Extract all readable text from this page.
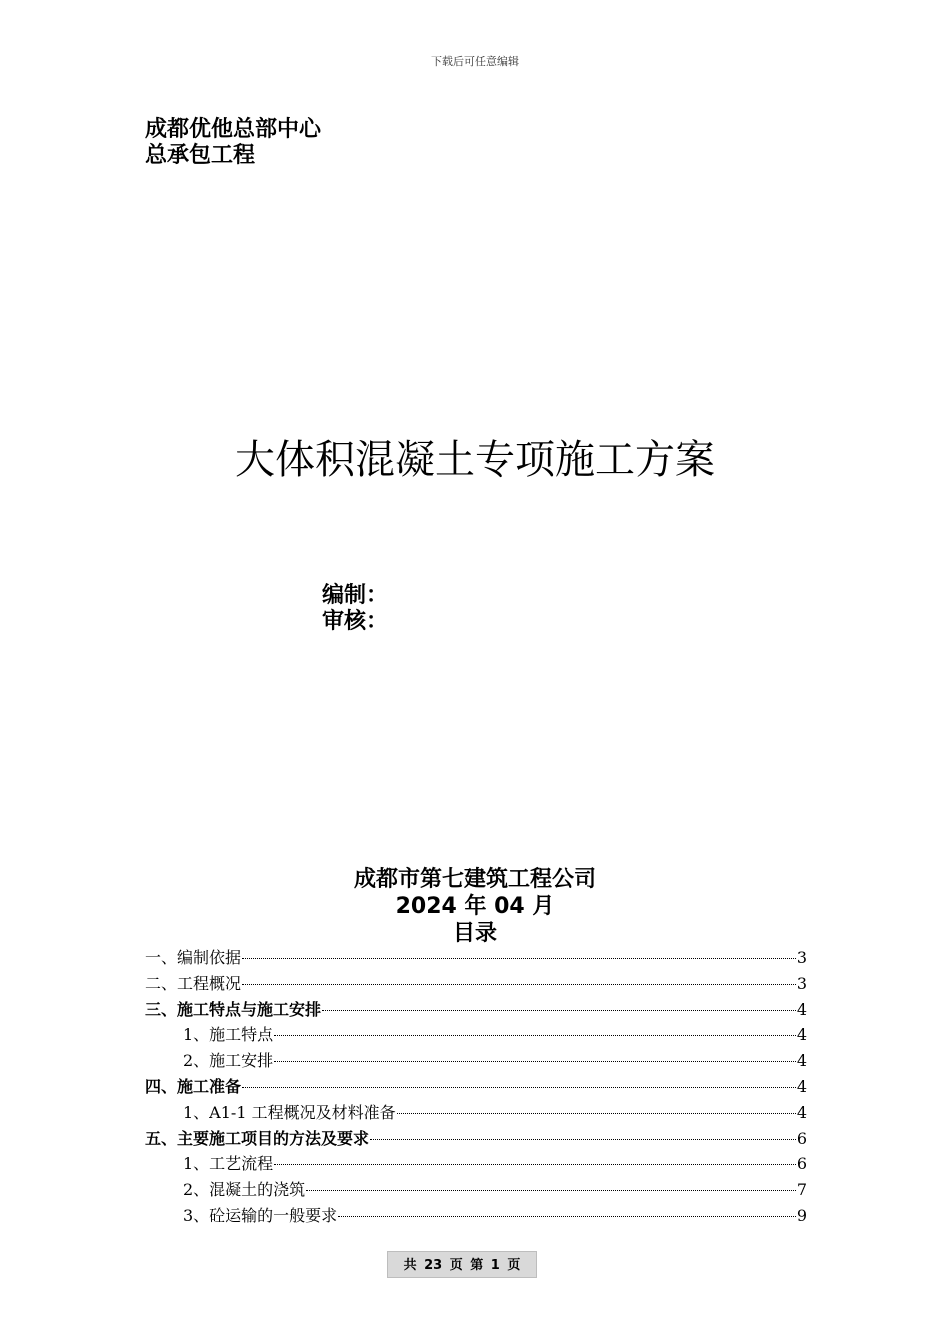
下载后可任意编辑
成都优他总部中心
总承包工程
大体积混凝土专项施工方案
编制：
审核：
成都市第七建筑工程公司
2024 年 04 月
目录
一、编制依据	3
二、工程概况	3
三、施工特点与施工安排	4
1、施工特点	4
2、施工安排	4
四、施工准备	4
1、A1-1 工程概况及材料准备	4
五、主要施工项目的方法及要求	6
1、工艺流程	6
2、混凝土的浇筑	7
3、砼运输的一般要求	9
共 23 页 第 1 页
